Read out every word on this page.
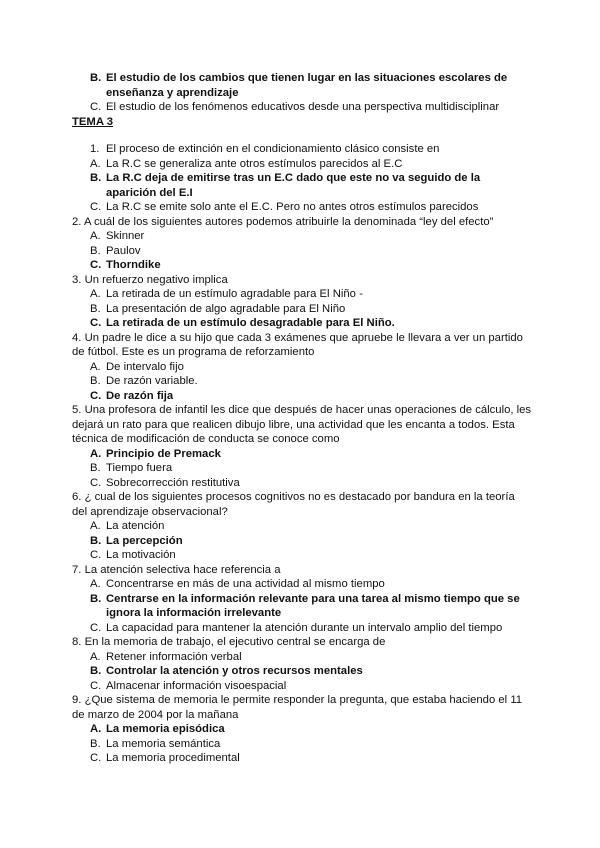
B. El estudio de los cambios que tienen lugar en las situaciones escolares de enseñanza y aprendizaje

C. El estudio de los fenómenos educativos desde una perspectiva multidisciplinar

TEMA 3

1. El proceso de extinción en el condicionamiento clásico consiste en

A. La R.C se generaliza ante otros estímulos parecidos al E.C

B. La R.C deja de emitirse tras un E.C dado que este no va seguido de la aparición del E.I

C. La R.C se emite solo ante el E.C. Pero no antes otros estímulos parecidos

2. A cuál de los siguientes autores podemos atribuirle la denominada “ley del efecto”

A. Skinner

B. Paulov

C. Thorndike

3. Un refuerzo negativo implica

A. La retirada de un estímulo agradable para El Niño -

B. La presentación de algo agradable para El Niño

C. La retirada de un estímulo desagradable para El Niño.

4. Un padre le dice a su hijo que cada 3 exámenes que apruebe le llevara a ver un partido de fútbol. Este es un programa de reforzamiento

A. De intervalo fijo

B. De razón variable.

C. De razón fija

5. Una profesora de infantil les dice que después de hacer unas operaciones de cálculo, les dejará un rato para que realicen dibujo libre, una actividad que les encanta a todos. Esta técnica de modificación de conducta se conoce como

A. Principio de Premack

B. Tiempo fuera

C. Sobrecorrección restitutiva

6. ¿ cual de los siguientes procesos cognitivos no es destacado por bandura en la teoría del aprendizaje observacional?

A. La atención

B. La percepción

C. La motivación

7. La atención selectiva hace referencia a

A. Concentrarse en más de una actividad al mismo tiempo

B. Centrarse en la información relevante para una tarea al mismo tiempo que se ignora la información irrelevante

C. La capacidad para mantener la atención durante un intervalo amplio del tiempo

8. En la memoria de trabajo, el ejecutivo central se encarga de

A. Retener información verbal

B. Controlar la atención y otros recursos mentales

C. Almacenar información visoespacial

9. ¿Que sistema de memoria le permite responder la pregunta, que estaba haciendo el 11 de marzo de 2004 por la mañana

A. La memoria episódica

B. La memoria semántica

C. La memoria procedimental
